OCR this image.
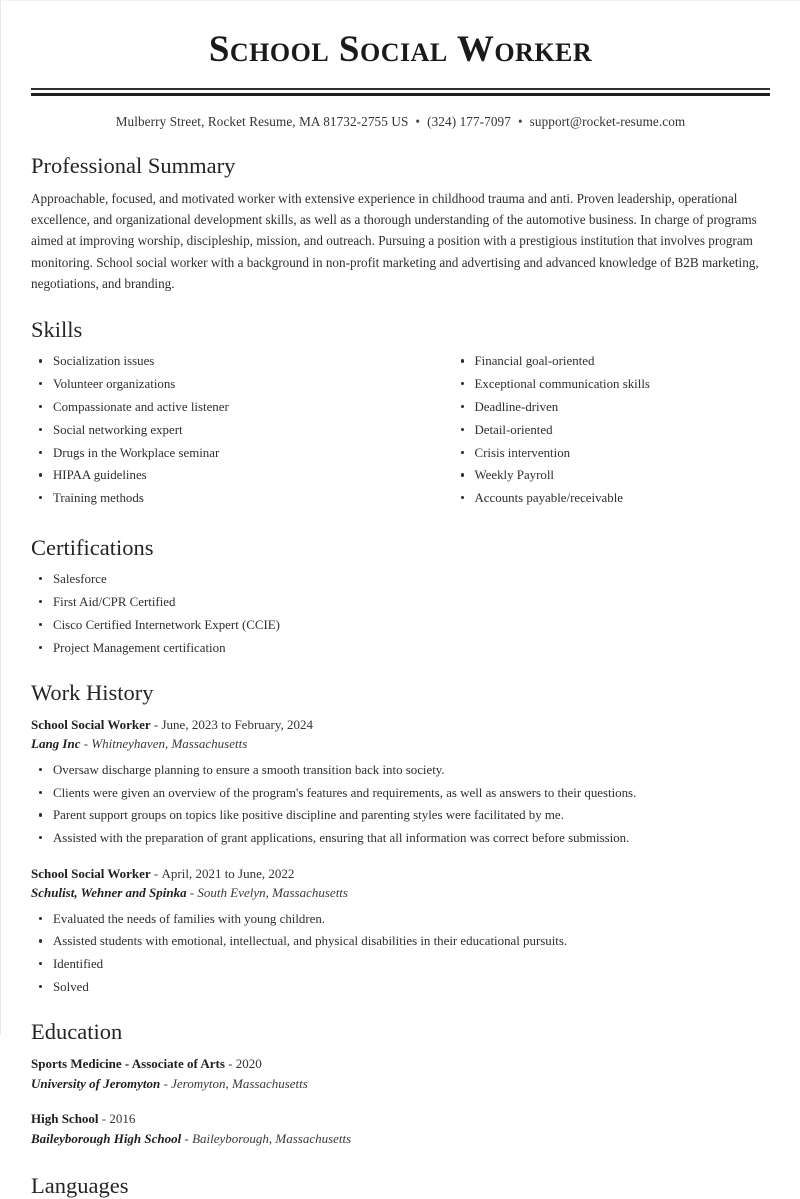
School Social Worker
Mulberry Street, Rocket Resume, MA 81732-2755 US • (324) 177-7097 • support@rocket-resume.com
Professional Summary

Approachable, focused, and motivated worker with extensive experience in childhood trauma and anti. Proven leadership, operational excellence, and organizational development skills, as well as a thorough understanding of the automotive business. In charge of programs aimed at improving worship, discipleship, mission, and outreach. Pursuing a position with a prestigious institution that involves program monitoring. School social worker with a background in non-profit marketing and advertising and advanced knowledge of B2B marketing, negotiations, and branding.

Skills
Socialization issues
Volunteer organizations
Compassionate and active listener
Social networking expert
Drugs in the Workplace seminar
HIPAA guidelines
Training methods
Financial goal-oriented
Exceptional communication skills
Deadline-driven
Detail-oriented
Crisis intervention
Weekly Payroll
Accounts payable/receivable
Certifications
Salesforce
First Aid/CPR Certified
Cisco Certified Internetwork Expert (CCIE)
Project Management certification
Work History
School Social Worker - June, 2023 to February, 2024
Lang Inc - Whitneyhaven, Massachusetts
Oversaw discharge planning to ensure a smooth transition back into society.
Clients were given an overview of the program's features and requirements, as well as answers to their questions.
Parent support groups on topics like positive discipline and parenting styles were facilitated by me.
Assisted with the preparation of grant applications, ensuring that all information was correct before submission.
School Social Worker - April, 2021 to June, 2022
Schulist, Wehner and Spinka - South Evelyn, Massachusetts
Evaluated the needs of families with young children.
Assisted students with emotional, intellectual, and physical disabilities in their educational pursuits.
Identified
Solved
Education
Sports Medicine - Associate of Arts - 2020
University of Jeromyton - Jeromyton, Massachusetts
High School - 2016
Baileyborough High School - Baileyborough, Massachusetts
Languages
